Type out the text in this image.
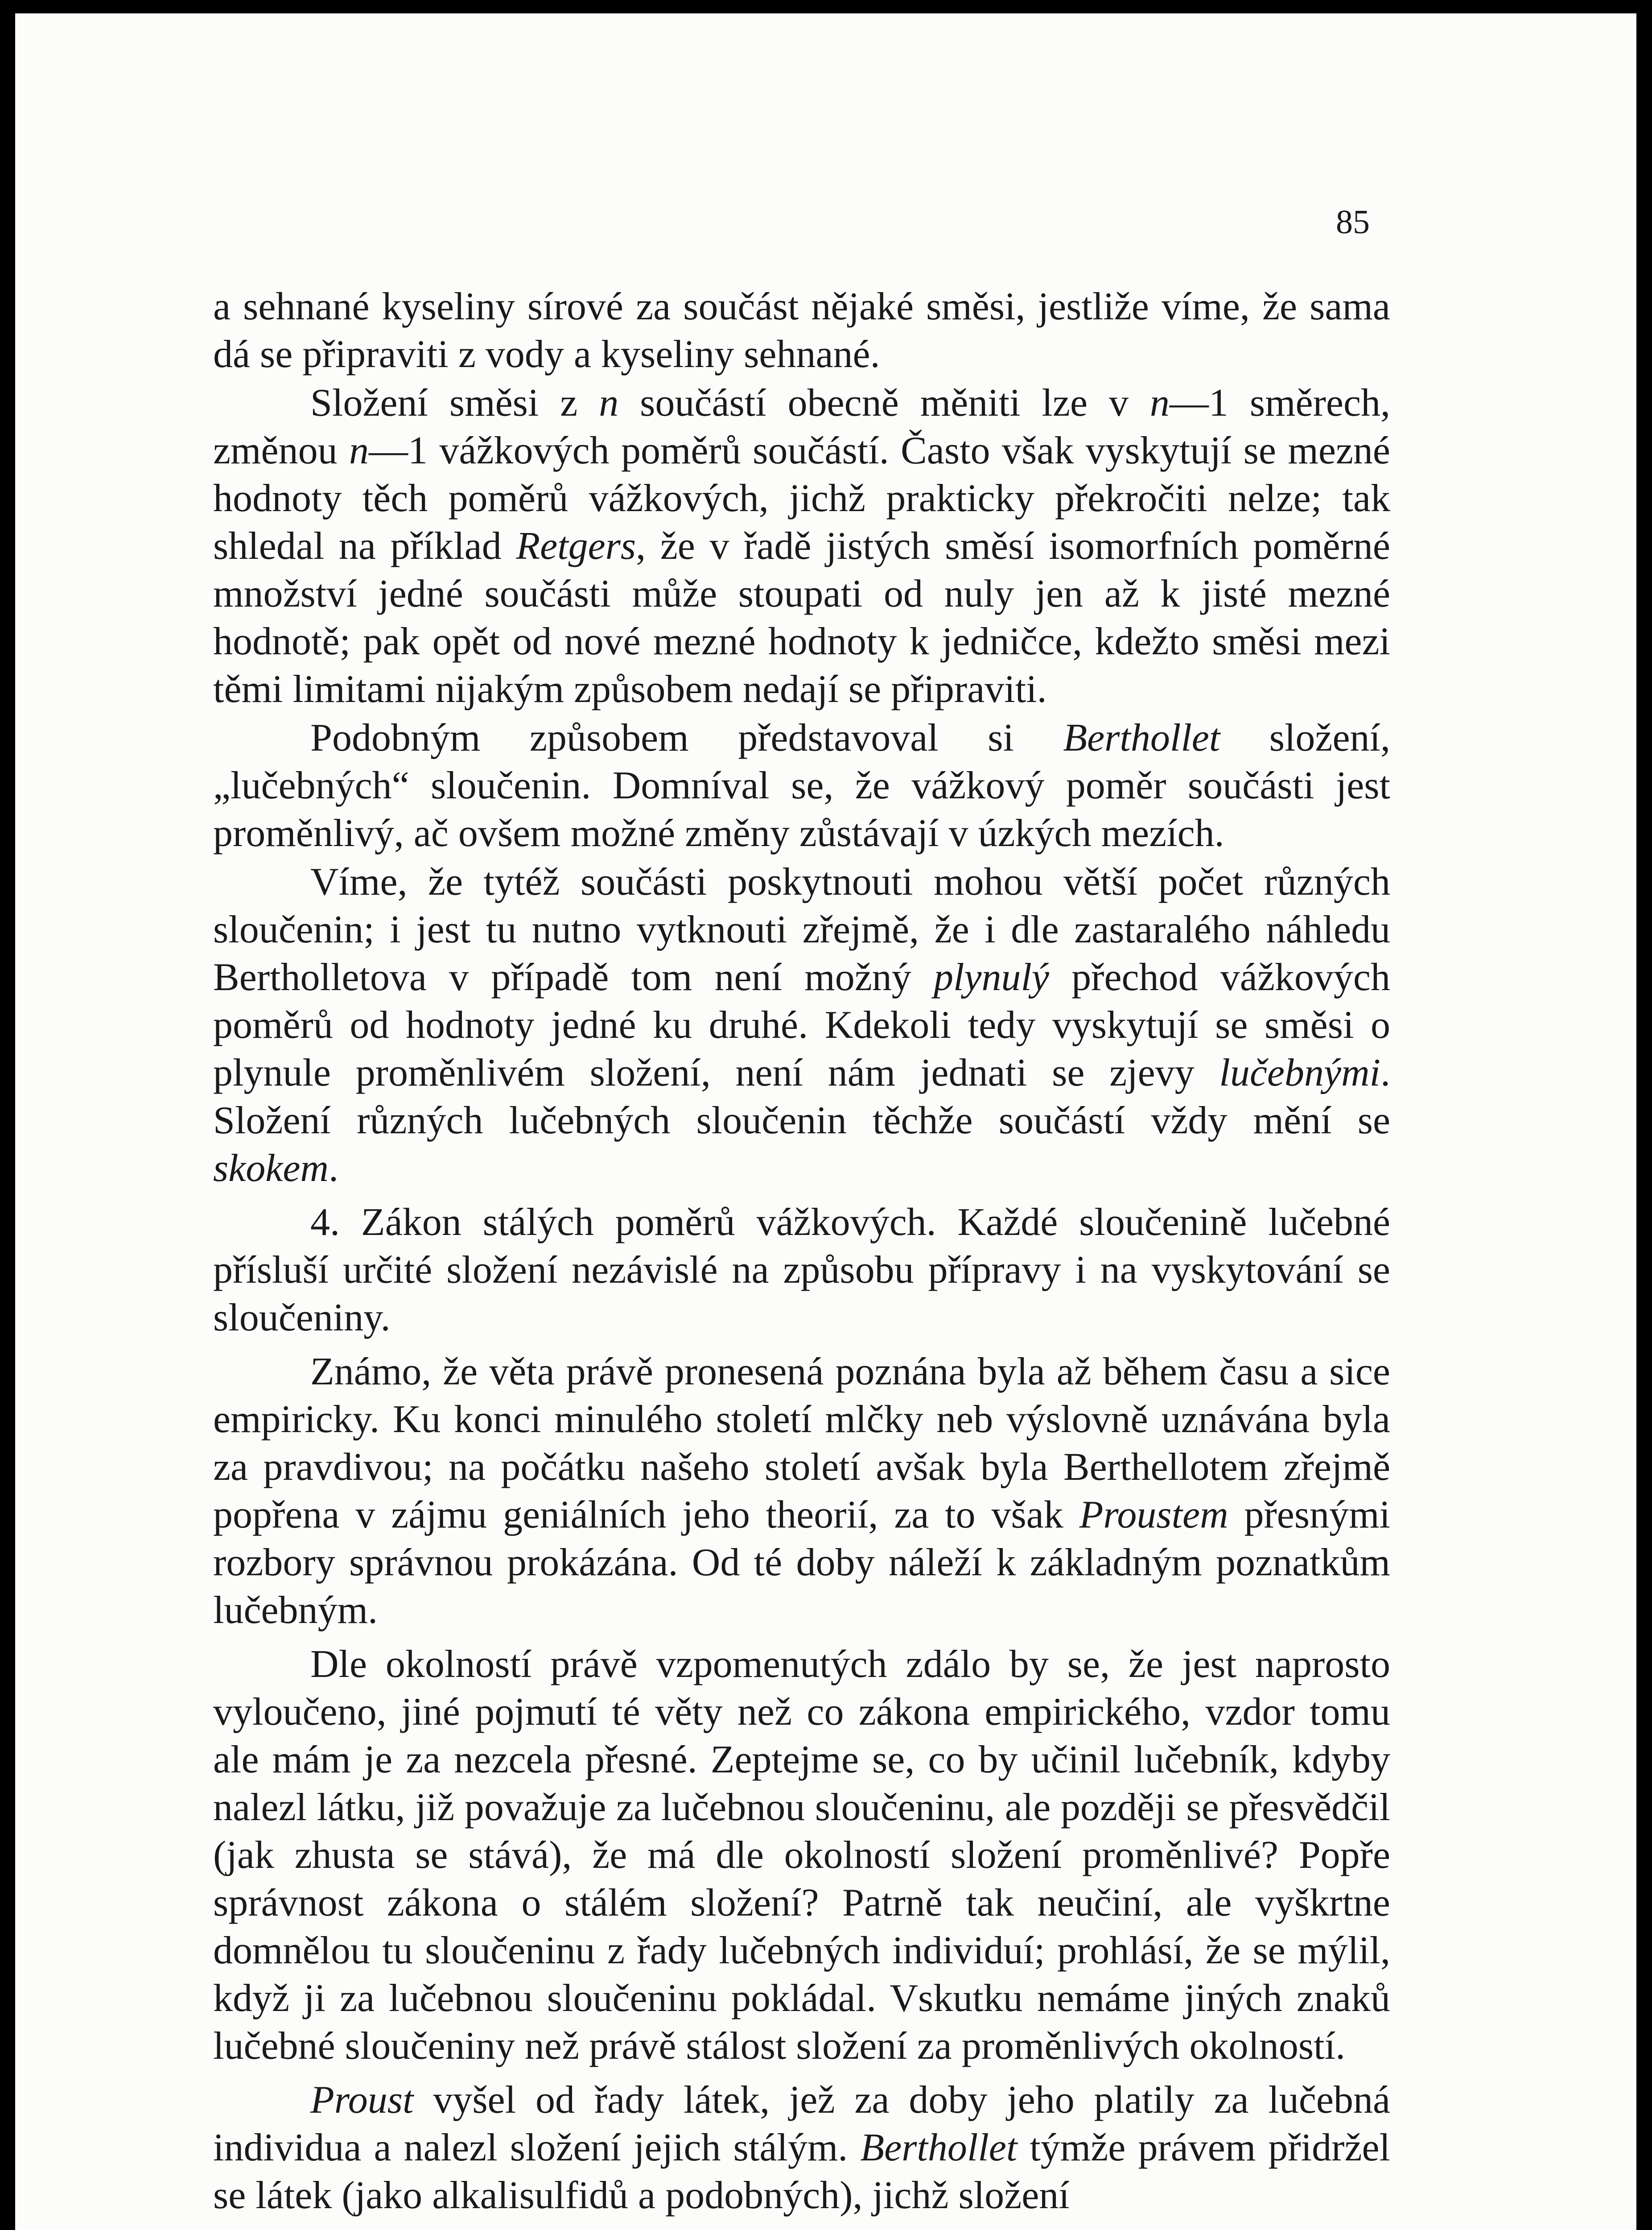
85

a sehnané kyseliny sírové za součást nějaké směsi, jestliže víme, že sama dá se připraviti z vody a kyseliny sehnané.

Složení směsi z n součástí obecně měniti lze v n—1 směrech, změnou n—1 vážkových poměrů součástí. Často však vyskytují se mezné hodnoty těch poměrů vážkových, jichž prakticky překročiti nelze; tak shledal na příklad Retgers, že v řadě jistých směsí isomorfních poměrné množství jedné součásti může stoupati od nuly jen až k jisté mezné hodnotě; pak opět od nové mezné hodnoty k jedničce, kdežto směsi mezi těmi limitami nijakým způsobem nedají se připraviti.

Podobným způsobem představoval si Berthollet složení, „lučebných“ sloučenin. Domníval se, že vážkový poměr součásti jest proměnlivý, ač ovšem možné změny zůstávají v úzkých mezích.

Víme, že tytéž součásti poskytnouti mohou větší počet různých sloučenin; i jest tu nutno vytknouti zřejmě, že i dle zastaralého náhledu Bertholletova v případě tom není možný plynulý přechod vážkových poměrů od hodnoty jedné ku druhé. Kdekoli tedy vyskytují se směsi o plynule proměnlivém složení, není nám jednati se zjevy lučebnými. Složení různých lučebných sloučenin těchže součástí vždy mění se skokem.

4. Zákon stálých poměrů vážkových. Každé sloučenině lučebné přísluší určité složení nezávislé na způsobu přípravy i na vyskytování se sloučeniny.

Známo, že věta právě pronesená poznána byla až během času a sice empiricky. Ku konci minulého století mlčky neb výslovně uznávána byla za pravdivou; na počátku našeho století avšak byla Berthellotem zřejmě popřena v zájmu geniálních jeho theorií, za to však Proustem přesnými rozbory správnou prokázána. Od té doby náleží k základným poznatkům lučebným.

Dle okolností právě vzpomenutých zdálo by se, že jest naprosto vyloučeno, jiné pojmutí té věty než co zákona empirického, vzdor tomu ale mám je za nezcela přesné. Zeptejme se, co by učinil lučebník, kdyby nalezl látku, již považuje za lučebnou sloučeninu, ale později se přesvědčil (jak zhusta se stává), že má dle okolností složení proměnlivé? Popře správnost zákona o stálém složení? Patrně tak neučiní, ale vyškrtne domnělou tu sloučeninu z řady lučebných individuí; prohlásí, že se mýlil, když ji za lučebnou sloučeninu pokládal. Vskutku nemáme jiných znaků lučebné sloučeniny než právě stálost složení za proměnlivých okolností.

Proust vyšel od řady látek, jež za doby jeho platily za lučebná individua a nalezl složení jejich stálým. Berthollet týmže právem přidržel se látek (jako alkalisulfidů a podobných), jichž složení
